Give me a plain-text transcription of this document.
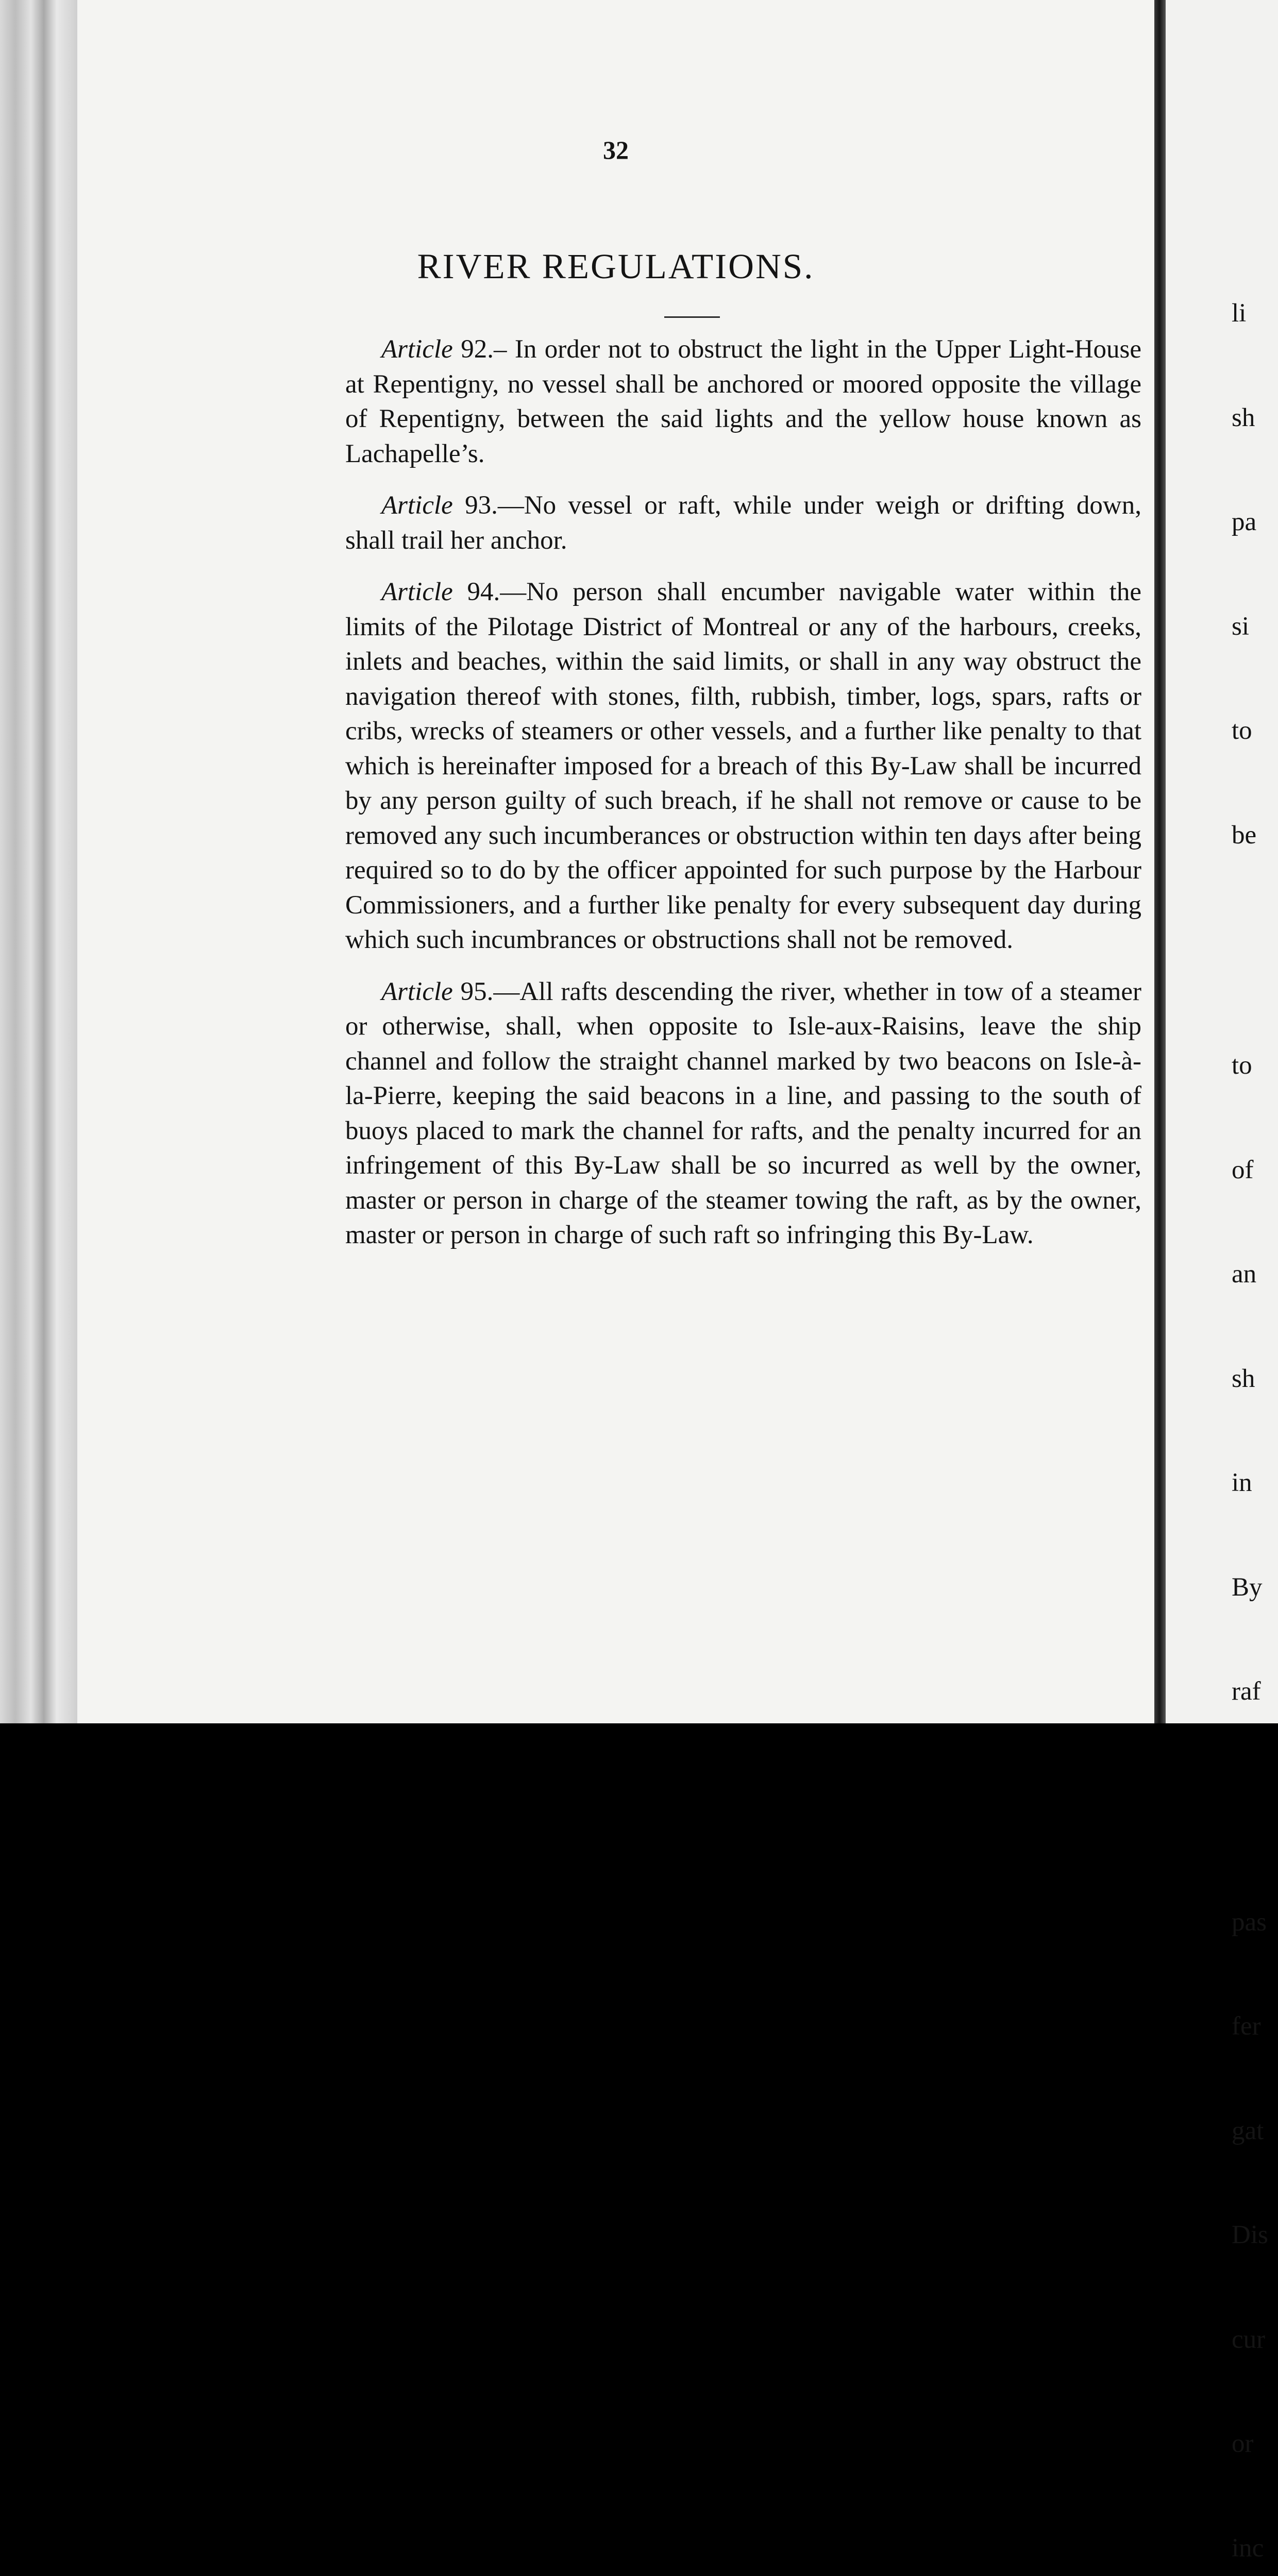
32
RIVER REGULATIONS.

Article 92.– In order not to obstruct the light in the Upper Light-House at Repentigny, no vessel shall be anchored or moored opposite the village of Repentigny, between the said lights and the yellow house known as Lachapelle’s.

Article 93.—No vessel or raft, while under weigh or drifting down, shall trail her anchor.

Article 94.—No person shall encumber navigable water within the limits of the Pilotage District of Montreal or any of the harbours, creeks, inlets and beaches, within the said limits, or shall in any way obstruct the navigation thereof with stones, filth, rubbish, timber, logs, spars, rafts or cribs, wrecks of steamers or other vessels, and a further like penalty to that which is hereinafter imposed for a breach of this By-Law shall be incurred by any person guilty of such breach, if he shall not remove or cause to be removed any such incumberances or obstruction within ten days after being required so to do by the officer appointed for such purpose by the Harbour Commissioners, and a further like penalty for every subsequent day during which such incumbrances or obstructions shall not be removed.

Article 95.—All rafts descending the river, whether in tow of a steamer or otherwise, shall, when opposite to Isle-aux-Raisins, leave the ship channel and follow the straight channel marked by two beacons on Isle-à-la-Pierre, keeping the said beacons in a line, and passing to the south of buoys placed to mark the channel for rafts, and the penalty incurred for an infringement of this By-Law shall be so incurred as well by the owner, master or person in charge of the steamer towing the raft, as by the owner, master or person in charge of such raft so infringing this By-Law.

li

sh

pa

si

to

be

to

of

an

sh

in

By

raf

pas

fer

gat

Dis

cur

or

inc
